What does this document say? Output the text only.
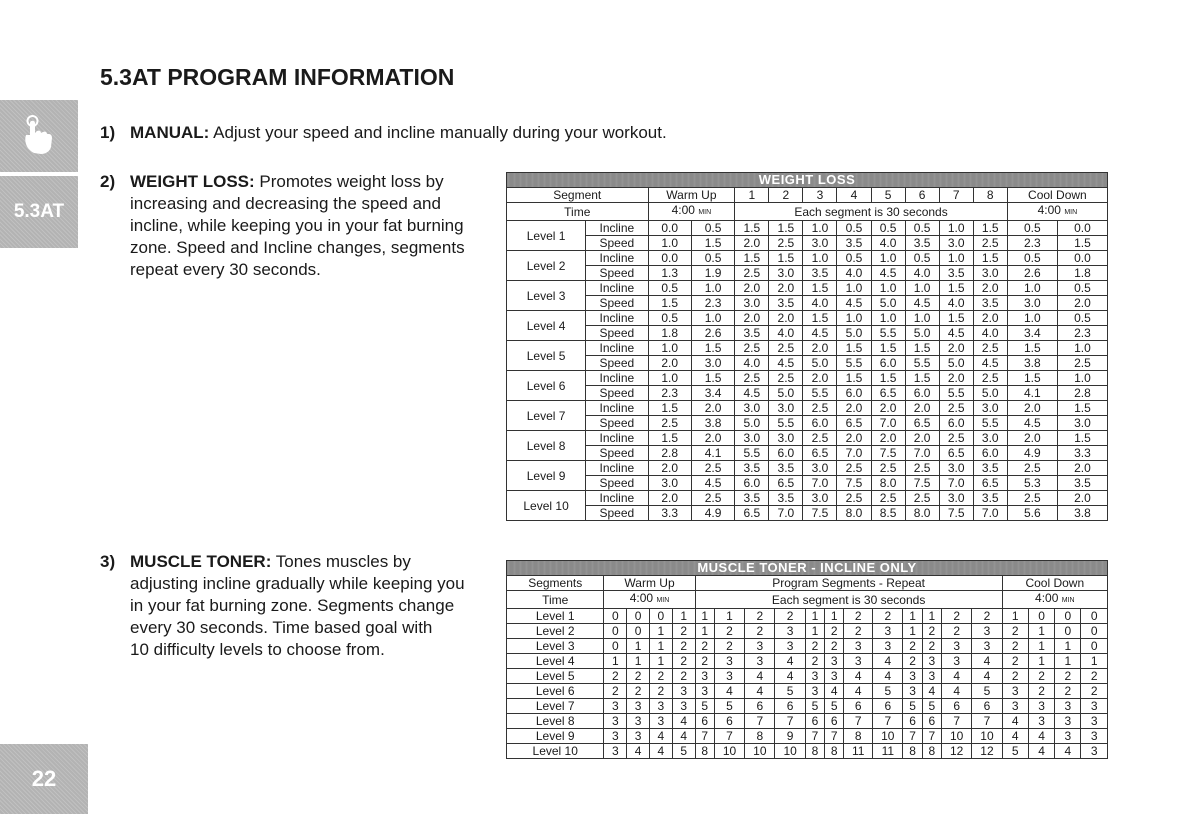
5.3AT
22
5.3AT PROGRAM INFORMATION
1) MANUAL: Adjust your speed and incline manually during your workout.
2) WEIGHT LOSS: Promotes weight loss by
increasing and decreasing the speed and
incline, while keeping you in your fat burning
zone. Speed and Incline changes, segments
repeat every 30 seconds.
3) MUSCLE TONER: Tones muscles by
adjusting incline gradually while keeping you
in your fat burning zone. Segments change
every 30 seconds. Time based goal with
10 difficulty levels to choose from.
WEIGHT LOSS													
Segment		Warm Up		1	2	3	4	5	6	7	8	Cool Down	
Time		4:00 MIN		Each segment is 30 seconds								4:00 MIN	
Level 1	Incline	0.0	0.5	1.5	1.5	1.0	0.5	0.5	0.5	1.0	1.5	0.5	0.0
	Speed	1.0	1.5	2.0	2.5	3.0	3.5	4.0	3.5	3.0	2.5	2.3	1.5
Level 2	Incline	0.0	0.5	1.5	1.5	1.0	0.5	1.0	0.5	1.0	1.5	0.5	0.0
	Speed	1.3	1.9	2.5	3.0	3.5	4.0	4.5	4.0	3.5	3.0	2.6	1.8
Level 3	Incline	0.5	1.0	2.0	2.0	1.5	1.0	1.0	1.0	1.5	2.0	1.0	0.5
	Speed	1.5	2.3	3.0	3.5	4.0	4.5	5.0	4.5	4.0	3.5	3.0	2.0
Level 4	Incline	0.5	1.0	2.0	2.0	1.5	1.0	1.0	1.0	1.5	2.0	1.0	0.5
	Speed	1.8	2.6	3.5	4.0	4.5	5.0	5.5	5.0	4.5	4.0	3.4	2.3
Level 5	Incline	1.0	1.5	2.5	2.5	2.0	1.5	1.5	1.5	2.0	2.5	1.5	1.0
	Speed	2.0	3.0	4.0	4.5	5.0	5.5	6.0	5.5	5.0	4.5	3.8	2.5
Level 6	Incline	1.0	1.5	2.5	2.5	2.0	1.5	1.5	1.5	2.0	2.5	1.5	1.0
	Speed	2.3	3.4	4.5	5.0	5.5	6.0	6.5	6.0	5.5	5.0	4.1	2.8
Level 7	Incline	1.5	2.0	3.0	3.0	2.5	2.0	2.0	2.0	2.5	3.0	2.0	1.5
	Speed	2.5	3.8	5.0	5.5	6.0	6.5	7.0	6.5	6.0	5.5	4.5	3.0
Level 8	Incline	1.5	2.0	3.0	3.0	2.5	2.0	2.0	2.0	2.5	3.0	2.0	1.5
	Speed	2.8	4.1	5.5	6.0	6.5	7.0	7.5	7.0	6.5	6.0	4.9	3.3
Level 9	Incline	2.0	2.5	3.5	3.5	3.0	2.5	2.5	2.5	3.0	3.5	2.5	2.0
	Speed	3.0	4.5	6.0	6.5	7.0	7.5	8.0	7.5	7.0	6.5	5.3	3.5
Level 10	Incline	2.0	2.5	3.5	3.5	3.0	2.5	2.5	2.5	3.0	3.5	2.5	2.0
	Speed	3.3	4.9	6.5	7.0	7.5	8.0	8.5	8.0	7.5	7.0	5.6	3.8
MUSCLE TONER - INCLINE ONLY																				
Segments	Warm Up				Program Segments - Repeat												Cool Down			
Time	4:00 MIN				Each segment is 30 seconds												4:00 MIN			
Level 1	0	0	0	1	1	1	2	2	1	1	2	2	1	1	2	2	1	0	0	0
Level 2	0	0	1	2	1	2	2	3	1	2	2	3	1	2	2	3	2	1	0	0
Level 3	0	1	1	2	2	2	3	3	2	2	3	3	2	2	3	3	2	1	1	0
Level 4	1	1	1	2	2	3	3	4	2	3	3	4	2	3	3	4	2	1	1	1
Level 5	2	2	2	2	3	3	4	4	3	3	4	4	3	3	4	4	2	2	2	2
Level 6	2	2	2	3	3	4	4	5	3	4	4	5	3	4	4	5	3	2	2	2
Level 7	3	3	3	3	5	5	6	6	5	5	6	6	5	5	6	6	3	3	3	3
Level 8	3	3	3	4	6	6	7	7	6	6	7	7	6	6	7	7	4	3	3	3
Level 9	3	3	4	4	7	7	8	9	7	7	8	10	7	7	10	10	4	4	3	3
Level 10	3	4	4	5	8	10	10	10	8	8	11	11	8	8	12	12	5	4	4	3
